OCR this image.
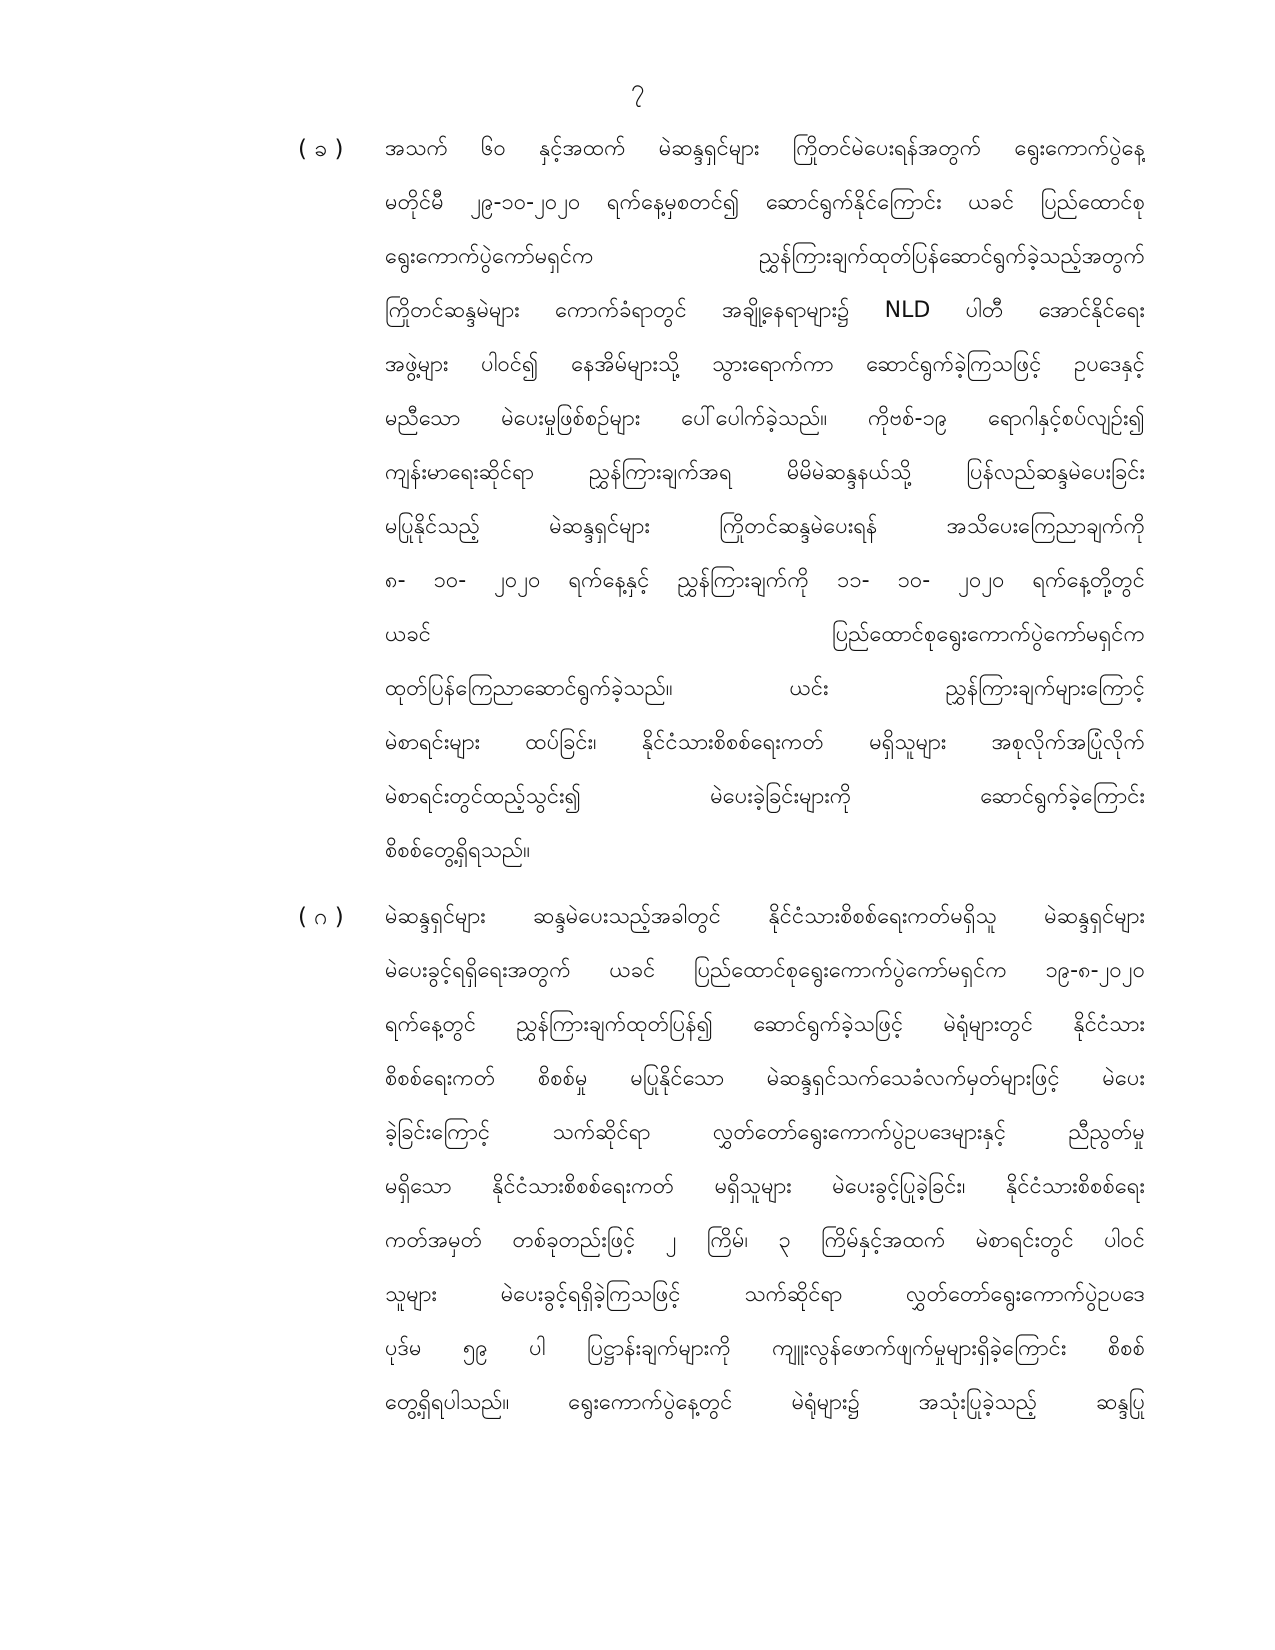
၇
( ခ ) အသက် ၆၀ နှင့်အထက် မဲဆန္ဒရှင်များ ကြိုတင်မဲပေးရန်အတွက် ရွေးကောက်ပွဲနေ့
မတိုင်မီ ၂၉-၁၀-၂၀၂၀ ရက်နေ့မှစတင်၍ ဆောင်ရွက်နိုင်ကြောင်း ယခင် ပြည်ထောင်စု
ရွေးကောက်ပွဲကော်မရှင်က ညွှန်ကြားချက်ထုတ်ပြန်ဆောင်ရွက်ခဲ့သည့်အတွက်
ကြိုတင်ဆန္ဒမဲများ ကောက်ခံရာတွင် အချို့နေရာများ၌ NLD ပါတီ အောင်နိုင်ရေး
အဖွဲ့များ ပါဝင်၍ နေအိမ်များသို့ သွားရောက်ကာ ဆောင်ရွက်ခဲ့ကြသဖြင့် ဥပဒေနှင့်
မညီသော မဲပေးမှုဖြစ်စဉ်များ ပေါ်ပေါက်ခဲ့သည်။ ကိုဗစ်-၁၉ ရောဂါနှင့်စပ်လျဉ်း၍
ကျန်းမာရေးဆိုင်ရာ ညွှန်ကြားချက်အရ မိမိမဲဆန္ဒနယ်သို့ ပြန်လည်ဆန္ဒမဲပေးခြင်း
မပြုနိုင်သည့် မဲဆန္ဒရှင်များ ကြိုတင်ဆန္ဒမဲပေးရန် အသိပေးကြေညာချက်ကို
၈- ၁၀- ၂၀၂၀ ရက်နေ့နှင့် ညွှန်ကြားချက်ကို ၁၁- ၁၀- ၂၀၂၀ ရက်နေ့တို့တွင်
ယခင် ပြည်ထောင်စုရွေးကောက်ပွဲကော်မရှင်က
ထုတ်ပြန်ကြေညာဆောင်ရွက်ခဲ့သည်။ ယင်း ညွှန်ကြားချက်များကြောင့်
မဲစာရင်းများ ထပ်ခြင်း၊ နိုင်ငံသားစိစစ်ရေးကတ် မရှိသူများ အစုလိုက်အပြုံလိုက်
မဲစာရင်းတွင်ထည့်သွင်း၍ မဲပေးခဲ့ခြင်းများကို ဆောင်ရွက်ခဲ့ကြောင်း
စိစစ်တွေ့ရှိရသည်။
( ဂ ) မဲဆန္ဒရှင်များ ဆန္ဒမဲပေးသည့်အခါတွင် နိုင်ငံသားစိစစ်ရေးကတ်မရှိသူ မဲဆန္ဒရှင်များ
မဲပေးခွင့်ရရှိရေးအတွက် ယခင် ပြည်ထောင်စုရွေးကောက်ပွဲကော်မရှင်က ၁၉-၈-၂၀၂၀
ရက်နေ့တွင် ညွှန်ကြားချက်ထုတ်ပြန်၍ ဆောင်ရွက်ခဲ့သဖြင့် မဲရုံများတွင် နိုင်ငံသား
စိစစ်ရေးကတ် စိစစ်မှု မပြုနိုင်သော မဲဆန္ဒရှင်သက်သေခံလက်မှတ်များဖြင့် မဲပေး
ခဲ့ခြင်းကြောင့် သက်ဆိုင်ရာ လွှတ်တော်ရွေးကောက်ပွဲဥပဒေများနှင့် ညီညွတ်မှု
မရှိသော နိုင်ငံသားစိစစ်ရေးကတ် မရှိသူများ မဲပေးခွင့်ပြုခဲ့ခြင်း၊ နိုင်ငံသားစိစစ်ရေး
ကတ်အမှတ် တစ်ခုတည်းဖြင့် ၂ ကြိမ်၊ ၃ ကြိမ်နှင့်အထက် မဲစာရင်းတွင် ပါဝင်
သူများ မဲပေးခွင့်ရရှိခဲ့ကြသဖြင့် သက်ဆိုင်ရာ လွှတ်တော်ရွေးကောက်ပွဲဥပဒေ
ပုဒ်မ ၅၉ ပါ ပြဋ္ဌာန်းချက်များကို ကျူးလွန်ဖောက်ဖျက်မှုများရှိခဲ့ကြောင်း စိစစ်
တွေ့ရှိရပါသည်။ ရွေးကောက်ပွဲနေ့တွင် မဲရုံများ၌ အသုံးပြုခဲ့သည့် ဆန္ဒပြု
